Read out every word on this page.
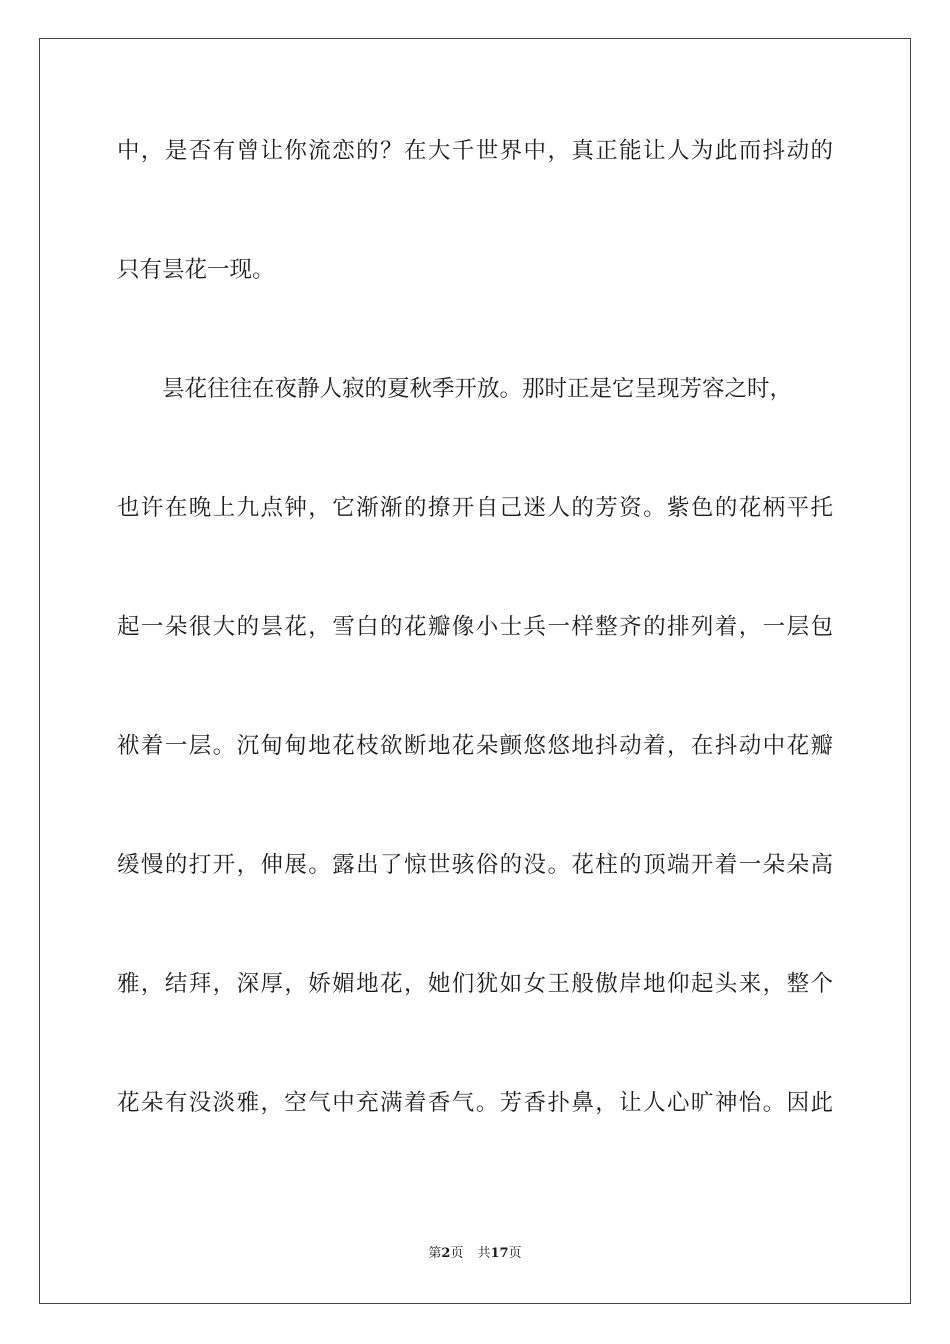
中，是否有曾让你流恋的？在大千世界中，真正能让人为此而抖动的
只有昙花一现。
昙花往往在夜静人寂的夏秋季开放。那时正是它呈现芳容之时，
也许在晚上九点钟，它渐渐的撩开自己迷人的芳资。紫色的花柄平托
起一朵很大的昙花，雪白的花瓣像小士兵一样整齐的排列着，一层包
袱着一层。沉甸甸地花枝欲断地花朵颤悠悠地抖动着，在抖动中花瓣
缓慢的打开，伸展。露出了惊世骇俗的没。花柱的顶端开着一朵朵高
雅，结拜，深厚，娇媚地花，她们犹如女王般傲岸地仰起头来，整个
花朵有没淡雅，空气中充满着香气。芳香扑鼻，让人心旷神怡。因此
第2页 共17页
